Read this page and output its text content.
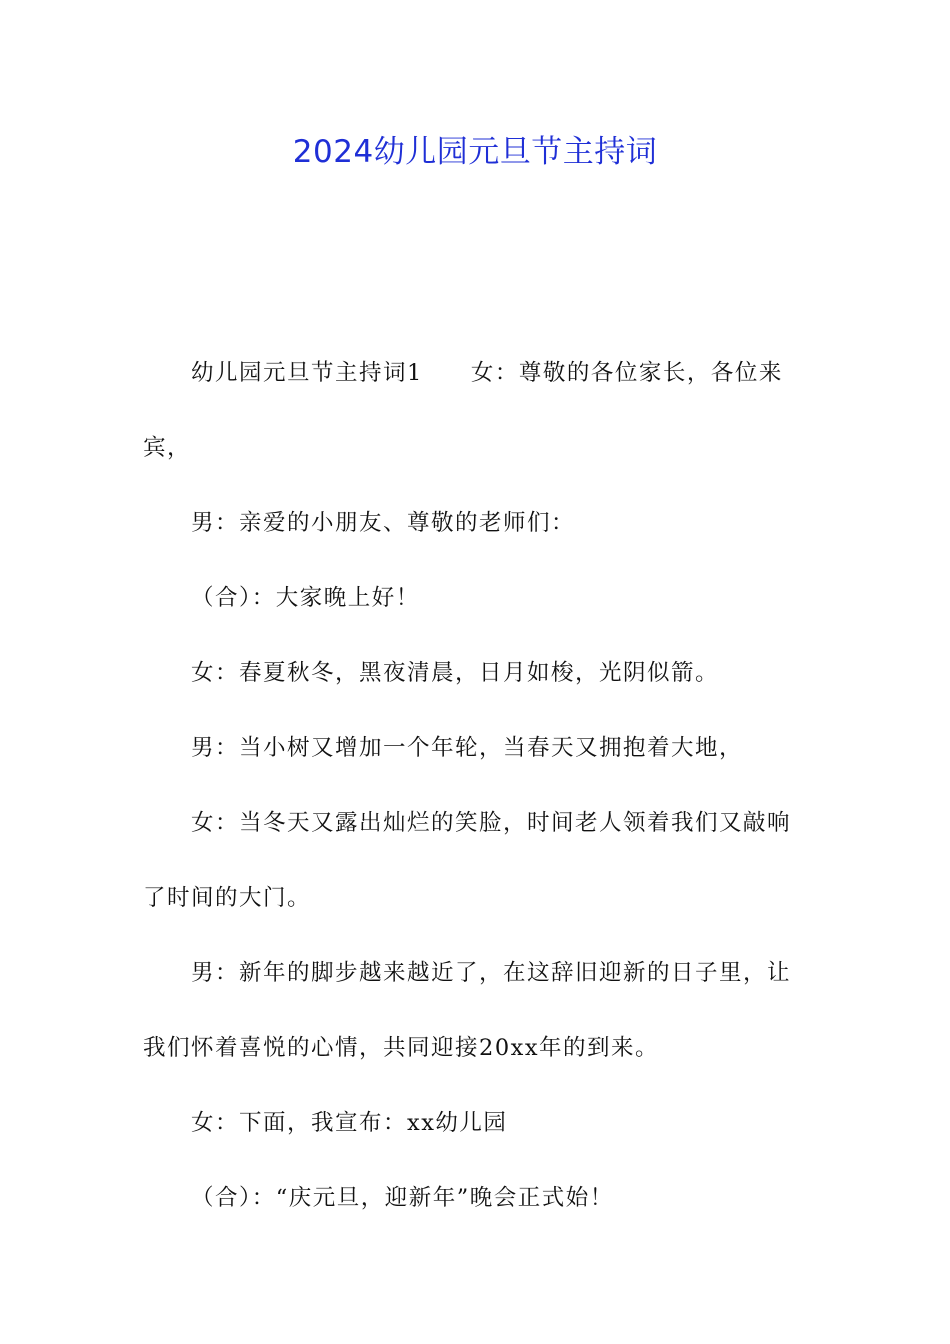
2024幼儿园元旦节主持词

幼儿园元旦节主持词1　　女：尊敬的各位家长，各位来宾，

男：亲爱的小朋友、尊敬的老师们：

（合）：大家晚上好！

女：春夏秋冬，黑夜清晨，日月如梭，光阴似箭。

男：当小树又增加一个年轮，当春天又拥抱着大地，

女：当冬天又露出灿烂的笑脸，时间老人领着我们又敲响了时间的大门。

男：新年的脚步越来越近了，在这辞旧迎新的日子里，让我们怀着喜悦的心情，共同迎接20xx年的到来。

女：下面，我宣布：xx幼儿园

（合）：“庆元旦，迎新年”晚会正式始！
